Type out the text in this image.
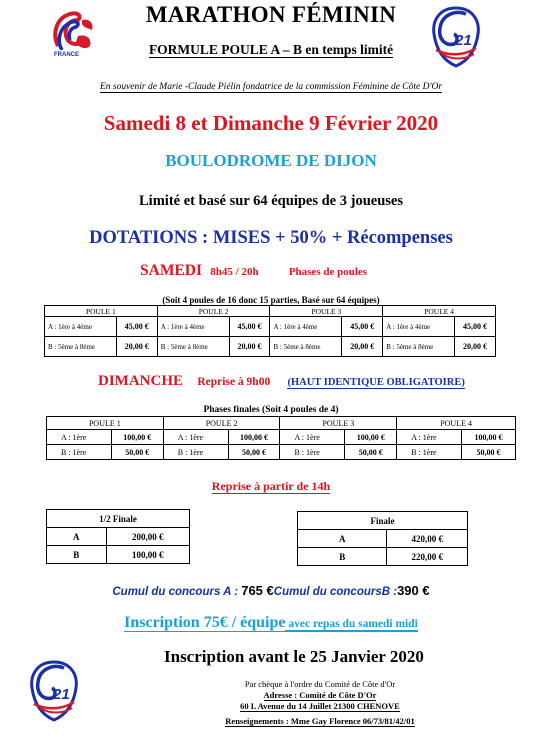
FRANCE
21
21
MARATHON FÉMININ
FORMULE POULE A – B en temps limité
En souvenir de Marie -Claude Piélin fondatrice de la commission Féminine de Côte D'Or
Samedi 8 et Dimanche 9 Février 2020
BOULODROME DE DIJON
Limité et basé sur 64 équipes de 3 joueuses
DOTATIONS : MISES + 50% + Récompenses
SAMEDI 8h45 / 20h	Phases de poules
(Soit 4 poules de 16 donc 15 parties, Basé sur 64 équipes)
POULE 1		POULE 2		POULE 3		POULE 4	
A : 1ère à 4ème	45,00 €	A : 1ère à 4ème	45,00 €	A : 1ère à 4ème	45,00 €	A : 1ère à 4ème	45,00 €
B : 5ème à 8ème	20,00 €	B : 5ème à 8ème	20,00 €	B : 5ème à 8ème	20,00 €	B : 5ème à 8ème	20,00 €
DIMANCHE Reprise à 9h00 (HAUT IDENTIQUE OBLIGATOIRE)
Phases finales (Soit 4 poules de 4)
POULE 1		POULE 2		POULE 3		POULE 4	
A : 1ère	100,00 €	A : 1ère	100,00 €	A : 1ère	100,00 €	A : 1ère	100,00 €
B : 1ère	50,00 €	B : 1ère	50,00 €	B : 1ère	50,00 €	B : 1ère	50,00 €
Reprise à partir de 14h
1/2 Finale	
A	200,00 €
B	100,00 €
Finale	
A	420,00 €
B	220,00 €
Cumul du concours A : 765 €Cumul du concoursB :390 €
Inscription 75€ / équipe avec repas du samedi midi
Inscription avant le 25 Janvier 2020
Par chèque à l'ordre du Comité de Côte d'Or
Adresse : Comité de Côte D'Or
60 L Avenue du 14 Juillet 21300 CHENOVE
Renseignements : Mme Gay Florence 06/73/81/42/01
